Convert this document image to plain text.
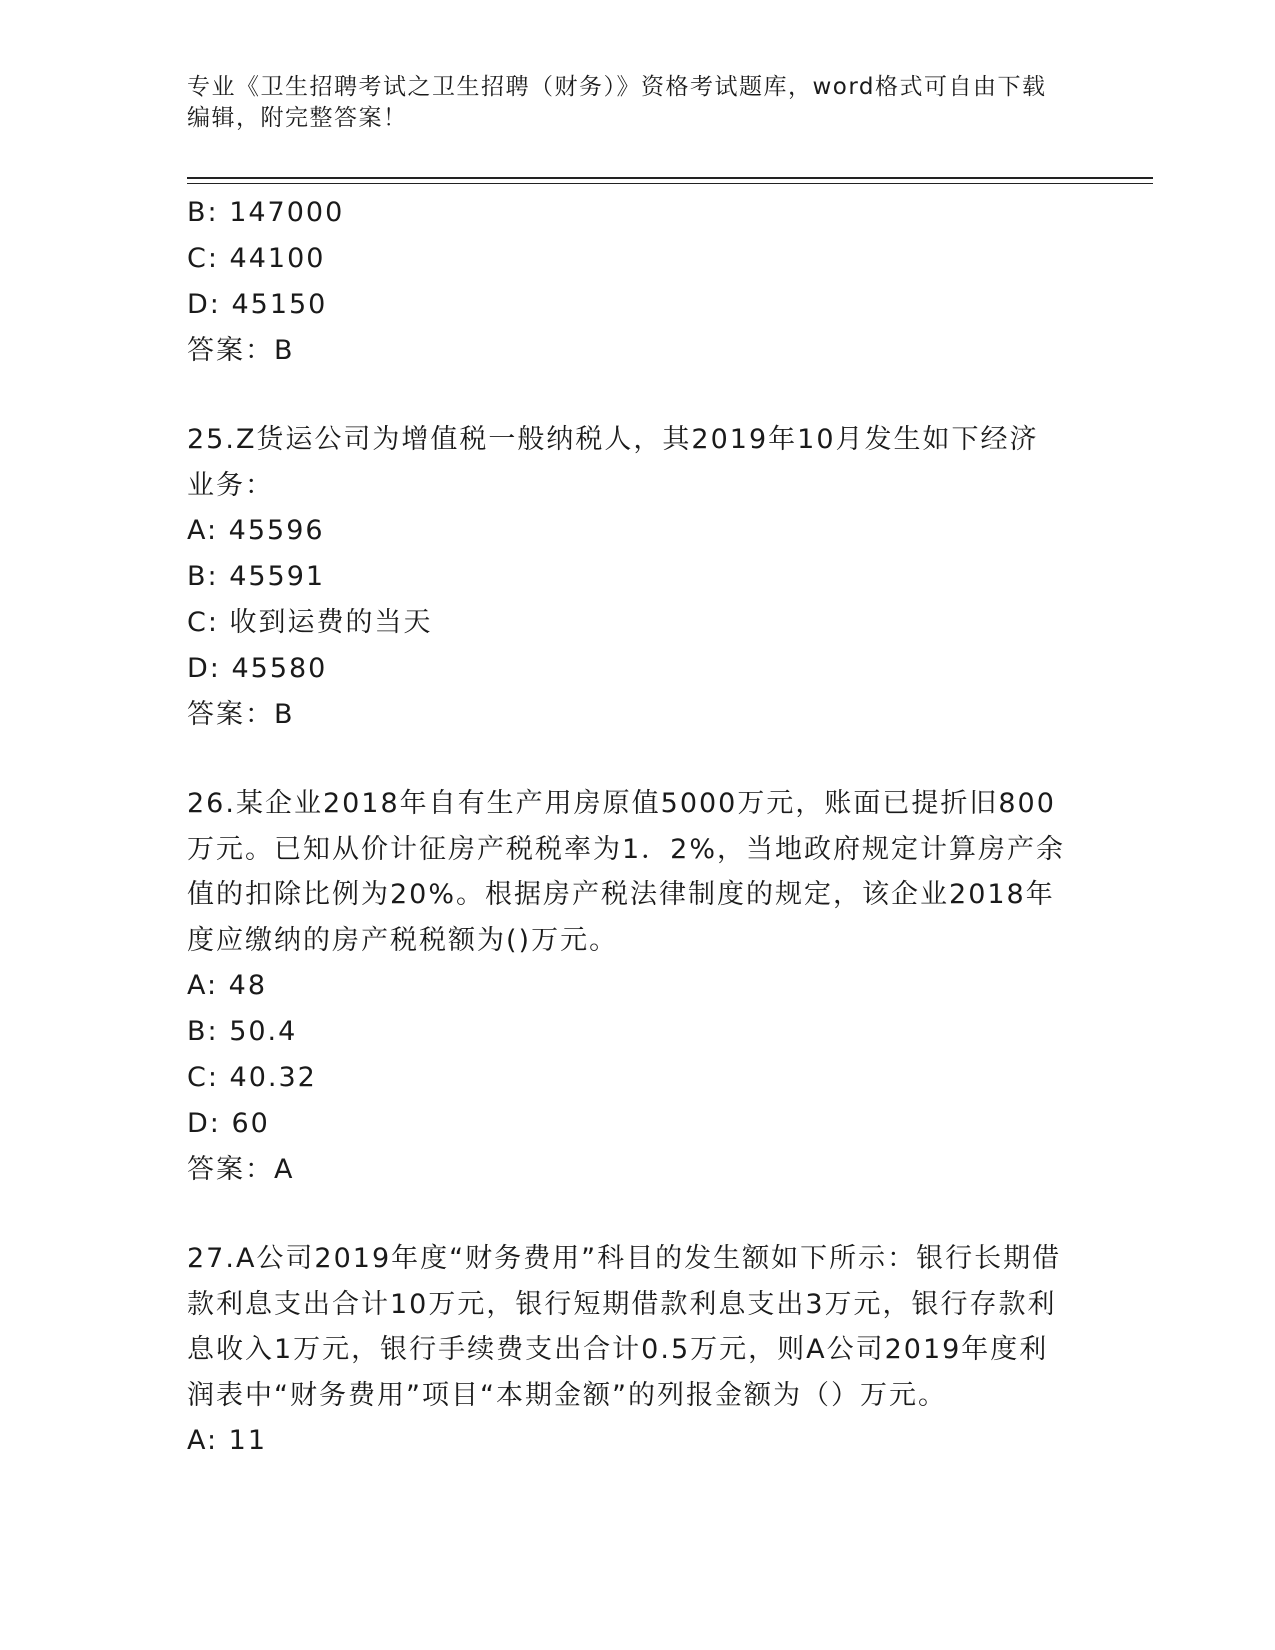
专业《卫生招聘考试之卫生招聘（财务）》资格考试题库，word格式可自由下载编辑，附完整答案！
B: 147000
C: 44100
D: 45150
答案：B
25.Z货运公司为增值税一般纳税人，其2019年10月发生如下经济业务：
A: 45596
B: 45591
C: 收到运费的当天
D: 45580
答案：B
26.某企业2018年自有生产用房原值5000万元，账面已提折旧800万元。已知从价计征房产税税率为1．2%，当地政府规定计算房产余值的扣除比例为20%。根据房产税法律制度的规定，该企业2018年度应缴纳的房产税税额为()万元。
A: 48
B: 50.4
C: 40.32
D: 60
答案：A
27.A公司2019年度“财务费用”科目的发生额如下所示：银行长期借款利息支出合计10万元，银行短期借款利息支出3万元，银行存款利息收入1万元，银行手续费支出合计0.5万元，则A公司2019年度利润表中“财务费用”项目“本期金额”的列报金额为（）万元。
A: 11
